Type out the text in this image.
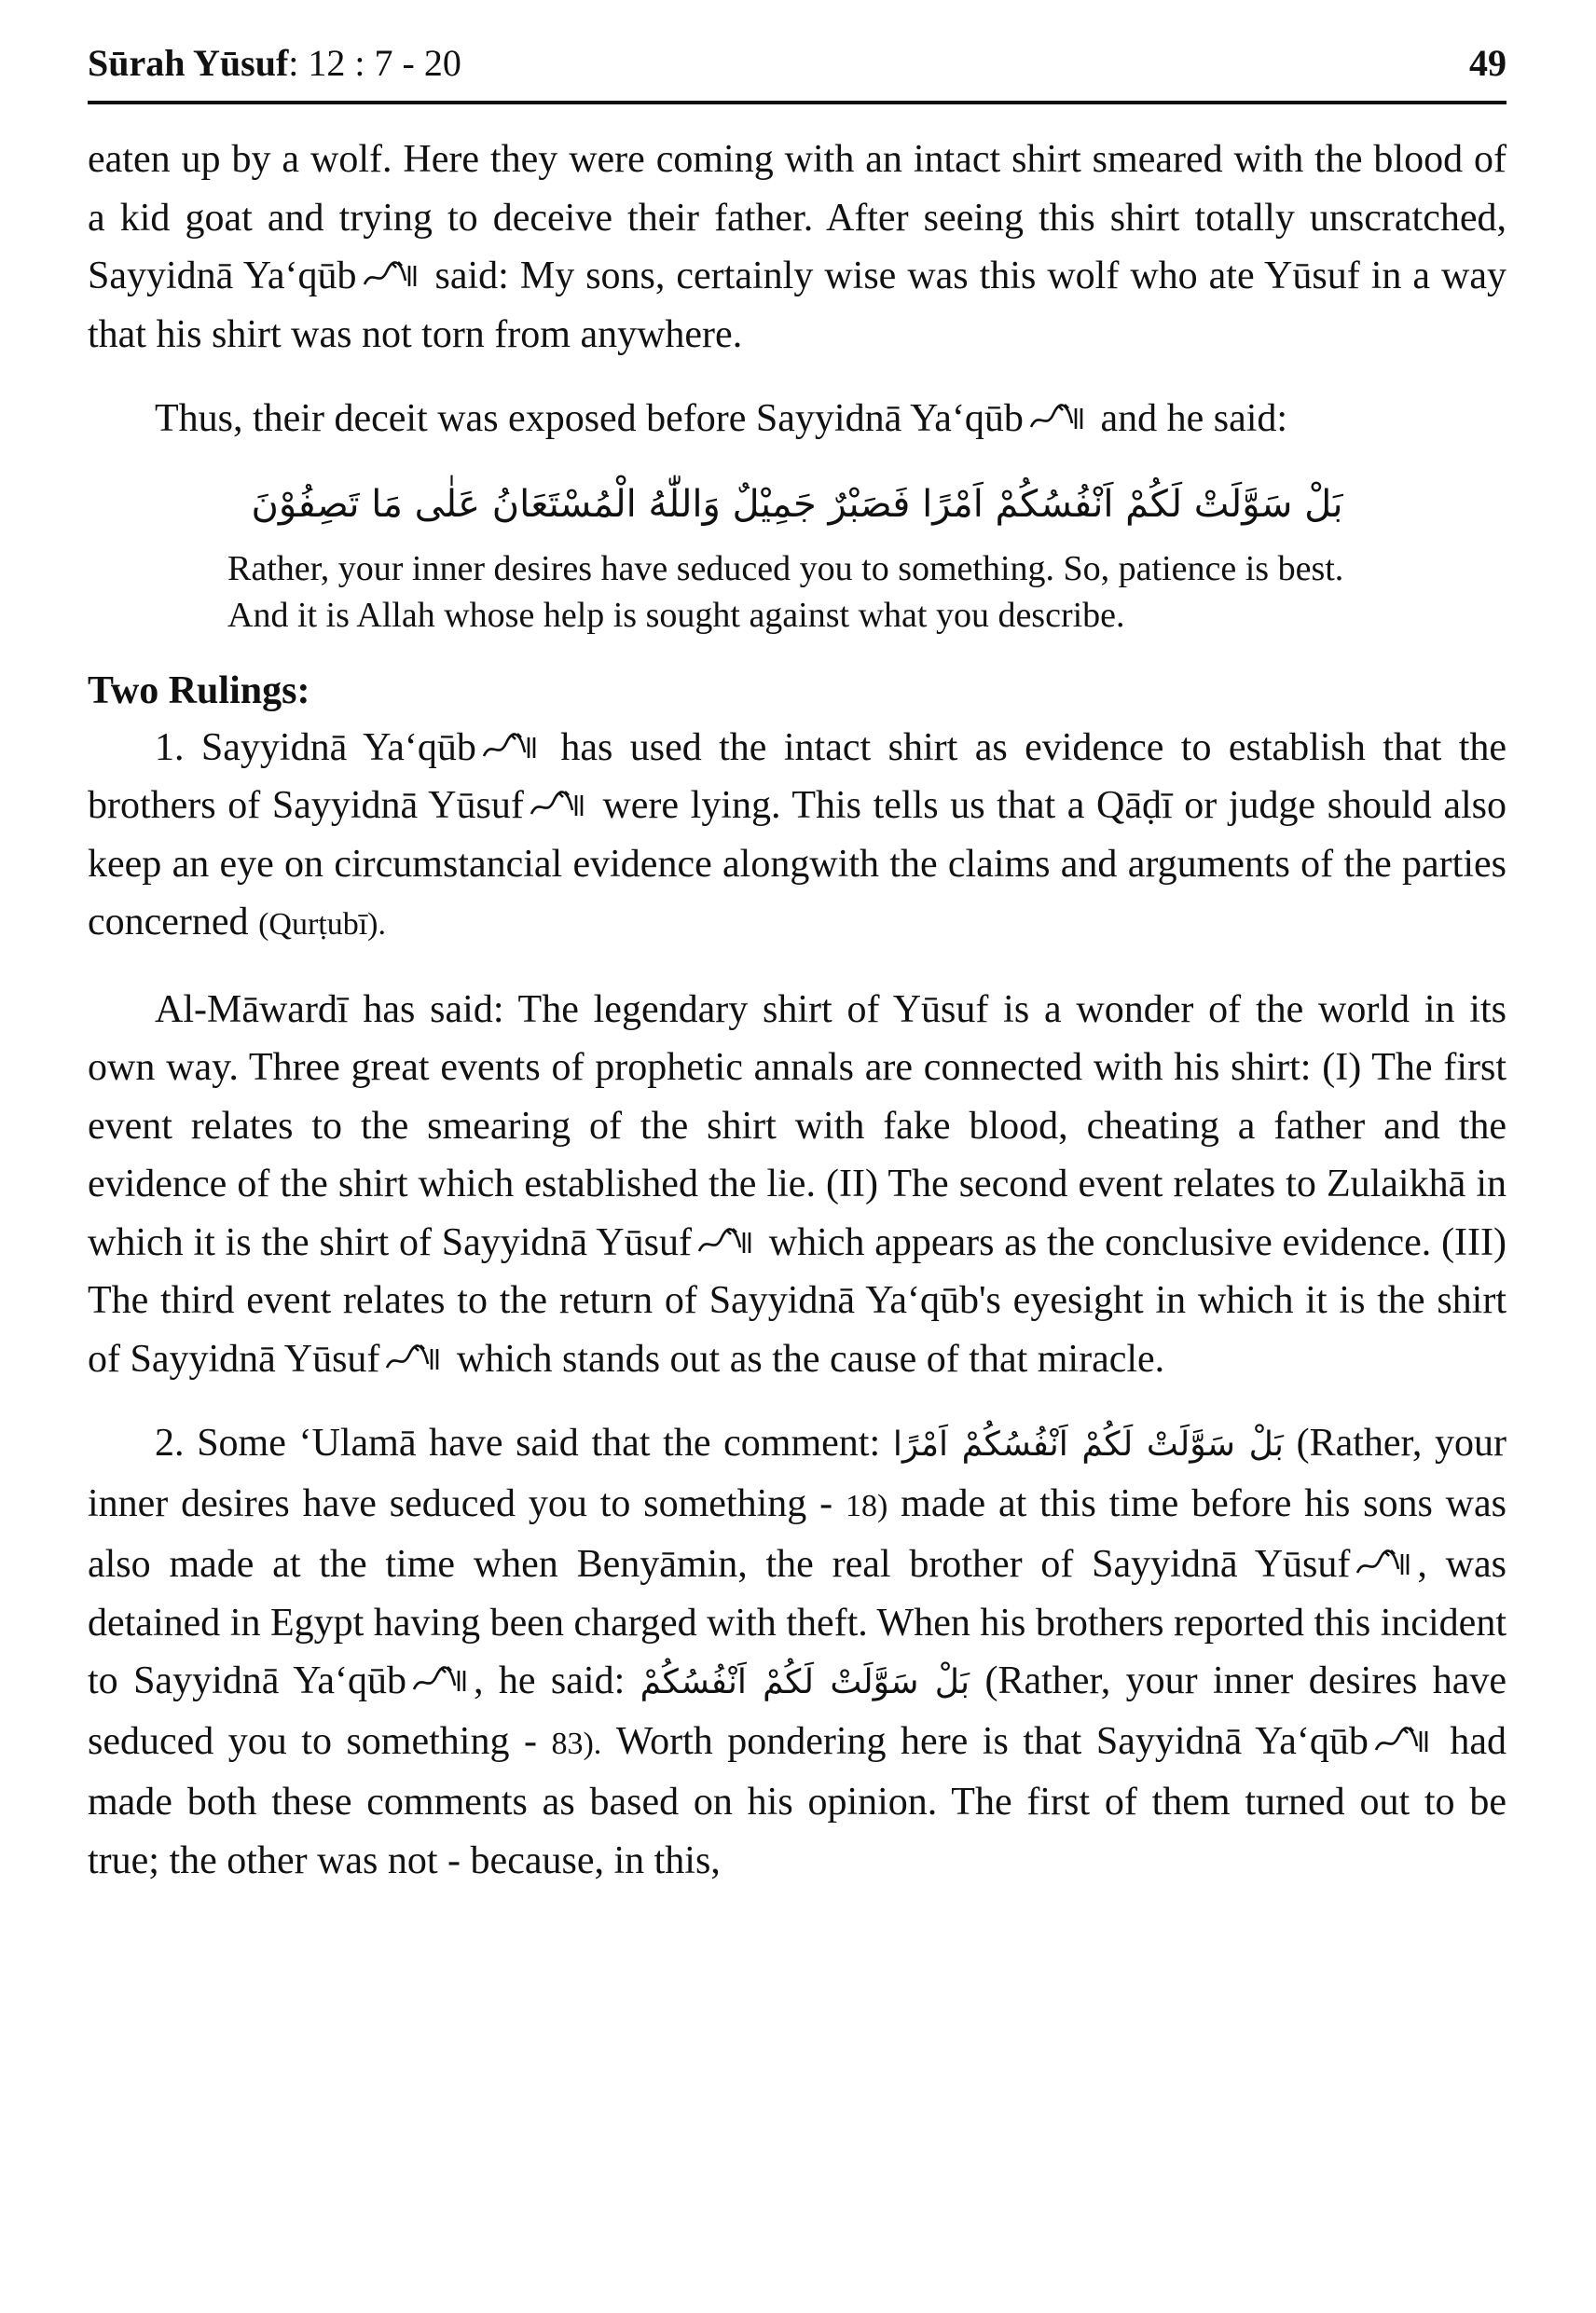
Sūrah Yūsuf: 12 : 7 - 20	49

eaten up by a wolf. Here they were coming with an intact shirt smeared with the blood of a kid goat and trying to deceive their father. After seeing this shirt totally unscratched, Sayyidnā Ya‘qūb said: My sons, certainly wise was this wolf who ate Yūsuf in a way that his shirt was not torn from anywhere.

Thus, their deceit was exposed before Sayyidnā Ya‘qūb and he said:

بَلْ سَوَّلَتْ لَكُمْ اَنْفُسُكُمْ اَمْرًا فَصَبْرٌ جَمِيْلٌ وَاللّٰهُ الْمُسْتَعَانُ عَلٰى مَا تَصِفُوْنَ

Rather, your inner desires have seduced you to something. So, patience is best. And it is Allah whose help is sought against what you describe.

Two Rulings:

1. Sayyidnā Ya‘qūb has used the intact shirt as evidence to establish that the brothers of Sayyidnā Yūsuf were lying. This tells us that a Qāḍī or judge should also keep an eye on circumstancial evidence alongwith the claims and arguments of the parties concerned (Qurṭubī).

Al-Māwardī has said: The legendary shirt of Yūsuf is a wonder of the world in its own way. Three great events of prophetic annals are connected with his shirt: (I) The first event relates to the smearing of the shirt with fake blood, cheating a father and the evidence of the shirt which established the lie. (II) The second event relates to Zulaikhā in which it is the shirt of Sayyidnā Yūsuf which appears as the conclusive evidence. (III) The third event relates to the return of Sayyidnā Ya‘qūb's eyesight in which it is the shirt of Sayyidnā Yūsuf which stands out as the cause of that miracle.

2. Some ‘Ulamā have said that the comment: بَلْ سَوَّلَتْ لَكُمْ اَنْفُسُكُمْ اَمْرًا (Rather, your inner desires have seduced you to something - 18) made at this time before his sons was also made at the time when Benyāmin, the real brother of Sayyidnā Yūsuf , was detained in Egypt having been charged with theft. When his brothers reported this incident to Sayyidnā Ya‘qūb , he said: بَلْ سَوَّلَتْ لَكُمْ اَنْفُسُكُمْ (Rather, your inner desires have seduced you to something - 83). Worth pondering here is that Sayyidnā Ya‘qūb had made both these comments as based on his opinion. The first of them turned out to be true; the other was not - because, in this,
